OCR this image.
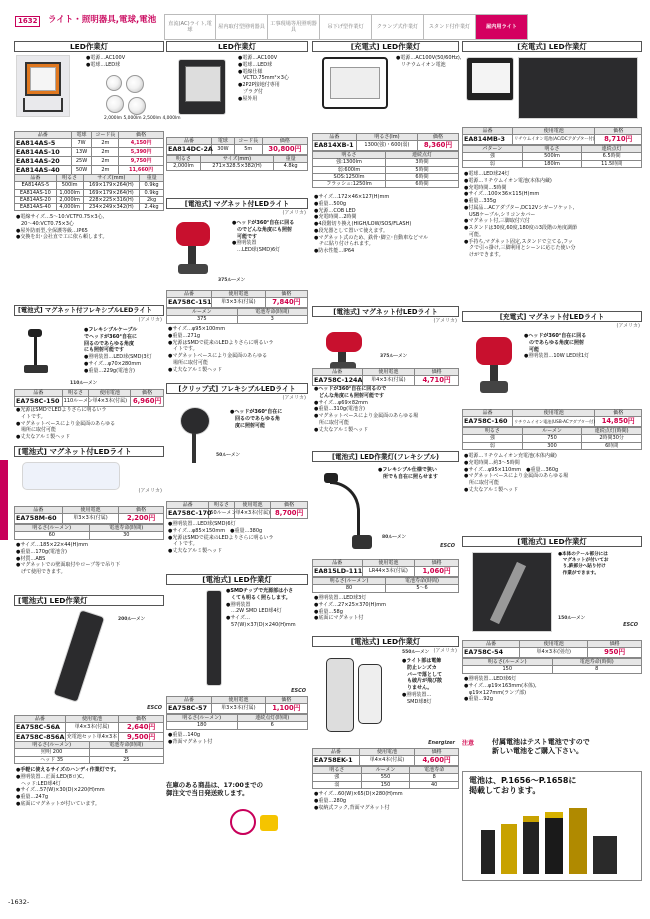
1632	ライト・照明器具,電球,電池	直流(AC)ライト,電球
屋内取付型照明器具
工事現場等用照明器具
吊下げ型作業灯	クランプ式作業灯	スタンド付作業灯	屋内用ライト
LED作業灯
●電源…AC100V
●電球…LED球
2,000lm 5,000lm 2,500lm 4,000lm
品番	電球	コード長	価格
EA814AS-5	7W	2m	4,150円
EA814AS-10	13W	2m	5,390円
EA814AS-20	25W	2m	9,750円
EA814AS-40	50W	2m	11,660円
品番	明るさ	サイズ(mm)	重量
EA814AS-5	500lm	169×179×264(H)	0.9kg
EA814AS-10	1,000lm	169×179×264(H)	0.9kg
EA814AS-20	2,000lm	228×225×316(H)	2kg
EA814AS-40	4,000lm	234×249×342(H)	2.4kg
●電線サイズ…5～10:VCTF0.75×3心,
　20～40:VCT0.75×3心
●屋外防雨型,全保護等級…IP65
●交換を出･会社直で工に依ら頼します。
[電池式] マグネット付フレキシブルLEDライト
(アメリカ)
●フレキシブルケーブル
でヘッドが360°自在に
回るのであらゆる角度
にも照射可能です
●照明装置…LED球(SMD)3灯
●サイズ…φ70×280mm
●重量…229g(電池含)
110ルーメン
品番	明るさ	使用電池	価格
EA758C-150	110ルーメン	単4×3本(付属)	6,960円
●光源はSMDでLEDよりさらに明るいラ
　イトです。
●マグネットベースにより金属面のあらゆる
　場所に取付可能
●丈夫なアルミ製ヘッド
[電池式] マグネット付LEDライト
(アメリカ)
品番	使用電池	価格
EA758M-60	単3×3本(付属)	2,200円
明るさ(ルーメン)	電池寿命(時間)
60	30
●サイズ…185×22×44(H)mm
●重量…170g(電池含)
●材質…ABS
●マグネットでの壁面取付やロープ等で吊り下
　げて使用できます。
[電池式] LED作業灯
200ルーメン
ESCO
品番	使用電池	価格
EA758C-56A	単4×3本(付属)	2,640円
EA758C-856A	充電池セット単4×3本	9,500円
明るさ(ルーメン)	電池寿命(時間)
照明 200	8
ヘッド 35	25
●手軽に使えるサイズのハンディ作業灯です。
●照明装置…正面:LED(8ロ)C,
　ヘッド:LED球4灯
●サイズ…57(W)×30(D)×220(H)mm
●重量…247g
●底面にマグネットが付いています。
LED作業灯
●電源…AC100V
●電球…LED球
●電線仕様
　VCTD.75mm²×3心
●2P2P接地付専用
　プラグ付
●屋外用
品番	電球	コード長	価格
EA814DC-2A	30W	5m	30,800円
明るさ	サイズ(mm)	重量
2,000lm	271×328.5×382(H)	4.8kg
[電池式] マグネット付LEDライト
(アメリカ)
●ヘッドが360°自在に回る
　のでどんな角度にも照射
　可能です
●照明装置
　…LED球(SMD)6灯
375ルーメン
品番	使用電池	価格
EA758C-151	単3×3本(付属)	7,840円
ルーメン	電池寿命(時間)
375	3
●サイズ…φ95×100mm
●重量…271g
●光源はSMDで従来のLEDよりさらに明るいラ
　イトです。
●マグネットベースにより金属面のあらゆる
　場所に取付可能
●丈夫なアルミ製ヘッド
[クリップ式] フレキシブルLEDライト
(アメリカ)
●ヘッドが360°自在に
　回るのであらゆる角
　度に照射可能
50ルーメン
品番	明るさ	使用電池	価格
EA758C-170	50ルーメン	単4×3本(付属)	8,700円
●照明装置…LED球(SMD)6灯
●サイズ…φ85×150mm　●重量…380g
●光源はSMDで従来のLEDよりさらに明るいラ
　イトです。
●丈夫なアルミ製ヘッド
[電池式] LED作業灯
●SMDチップで光源部は小さ
　くても明るく照らします。
●照明装置
　…2W SMD LED球4灯
●サイズ…
　57(W)×37(D)×240(H)mm
ESCO
品番	使用電池	価格
EA758C-57	単3×3本(付属)	1,100円
明るさ(ルーメン)	連続点灯(時間)
180	6
●重量…140g
●背面マグネット付
在庫のある商品は、17:00までの
御注文で当日発送致します。
[充電式] LED作業灯
●電源…AC100V(50/60Hz),
　リチウムイオン電池
品番	明るさ(lm)	価格
EA814XB-1	1300(強)・600(弱)	8,360円
明るさ	連続点灯
強:1300lm	3時間
弱:600lm	5時間
SOS:1250lm	6時間
フラッシュ:1250lm	6時間
●サイズ…172×46×127(H)mm
●重量…500g
●光源…COB LED
●充電時間…2時間
●4段階切り換え(HIGH/LOW/SOS/FLASH)
●段光器として置いて使えます。
●マグネット式のため、鉄骨･脚立･自動車などマル
　チに貼り付けられます。
●防水性能…IP64
[電池式] マグネット付LEDライト
(アメリカ)
375ルーメン
品番	使用電池	価格
EA758C-124A	単4×3本(付属)	4,710円
●ヘッドが360°自在に回るので
　どんな角度にも照射可能です
●サイズ…φ69×82mm
●重量…310g(電池含)
●マグネットベースにより金属面のあらゆる場
　所に取付可能
●丈夫なアルミ製ヘッド
[電池式] LED作業灯(フレキシブル)
●フレキシブル仕様で狭い
　所でも自在に照らせます
80ルーメン
ESCO
品番	使用電池	価格
EA815LD-111	LR44×3本(付属)	1,060円
明るさ(ルーメン)	電池寿命(時間)
80	5～6
●照明装置…LED球3灯
●サイズ…27×25×370(H)mm
●重量…58g
●底面にマグネット付
[電池式] LED作業灯
(アメリカ)
●ライト部は電飾
　防止レンズカ
　バーで落として
　も破片が飛び散
　りません。
●照明装置…
　SMD球8灯
550ルーメン
Energizer
品番	使用電池	価格
EA758EK-1	単4×4本(付属)	4,600円
明るさ	ルーメン	電池寿命
強	550	8
弱	150	40
●サイズ…60(W)×65(D)×280(H)mm
●重量…280g
●収納式フック,背面マグネット付
[充電式] LED作業灯
品番	使用電池	価格
EA814MB-3	リチウムイオン電池(AC/DCアダプター付)	8,710円
パターン	明るさ	連続点灯
強	500lm	6.5時間
弱	180lm	11.5時間
●電球…LED球24灯
●電源…リチウムイオン電池(本体内蔵)
●充電時間…5時間
●サイズ…100×36×115(H)mm
●重量…335g
●付属品…ACアダプター,DC12Vシガーソケット,
　USBケーブル,シリコンカバー
●マグネット付,三脚取付穴付
●スタンドは30度,60度,180度の3段階の角度調節
　可能。
●手持ち,マグネット固定,スタンドで立てる,フッ
　クで引っ掛け,三脚利用とシーンに応じた使い分
　けができます。
[充電式] マグネット付LEDライト
(アメリカ)
●ヘッドが360°自在に回る
　のであらゆる角度に照射
　可能
●照明装置…10W LED球1灯
品番	使用電池	価格
EA758C-160	リチウムイオン電池(USB-ACアダプター付)	14,850円
明るさ	ルーメン	連続点灯(時間)
強	750	2時間30分
弱	300	6時間
●電源…リチウムイオン充電池(本体内蔵)
●充電時間…約3～5時間
●サイズ…φ95×110mm　●重量…360g
●マグネットベースにより金属面のあらゆる場
　所に取付可能
●丈夫なアルミ製ヘッド
[電池式] LED作業灯
●本体のテール部分には
　マグネットが付いてお
　り,鉄部分へ貼り付け
　作業ができます。
150ルーメン
ESCO
品番	使用電池	価格
EA758C-54	単4×3本(別売)	950円
明るさ(ルーメン)	電池寿命(時間)
150	8
●照明装置…LED球6灯
●サイズ…φ19×163mm(本体),
　φ19×127mm(ランプ部)
●重量…92g
注意	付属電池はテスト電池ですので
新しい電池をご購入下さい。
電池は、P.1656～P.1658に
掲載しております。
-1632-
